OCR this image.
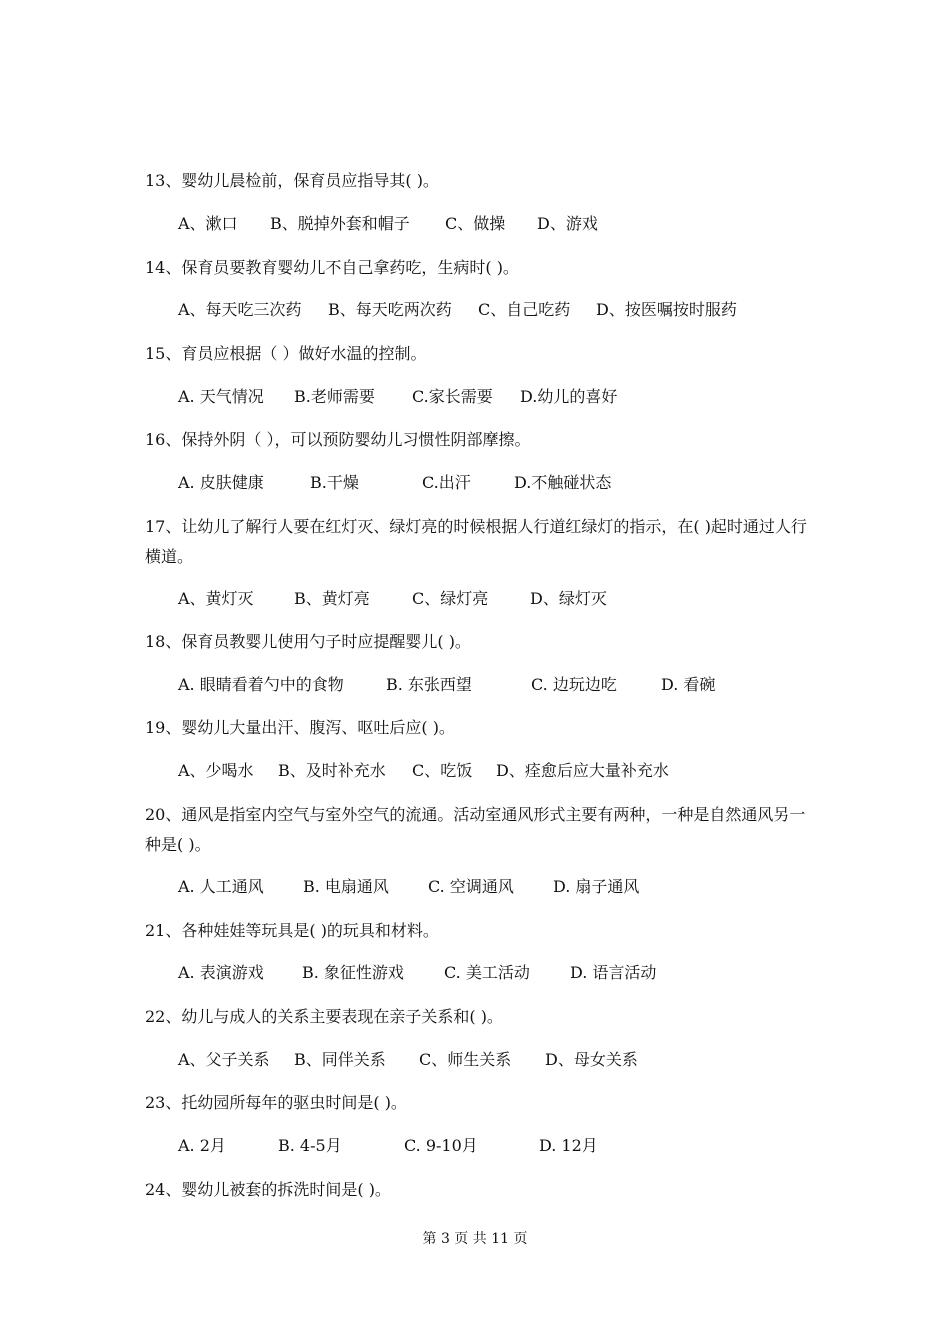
13、婴幼儿晨检前，保育员应指导其( )。
A、漱口 B、脱掉外套和帽子 C、做操 D、游戏
14、保育员要教育婴幼儿不自己拿药吃，生病时( )。
A、每天吃三次药 B、每天吃两次药 C、自己吃药 D、按医嘱按时服药
15、育员应根据（ ）做好水温的控制。
A. 天气情况 B.老师需要 C.家长需要 D.幼儿的喜好
16、保持外阴（ ），可以预防婴幼儿习惯性阴部摩擦。
A. 皮肤健康	B.干燥	C.出汗	D.不触碰状态
17、让幼儿了解行人要在红灯灭、绿灯亮的时候根据人行道红绿灯的指示，在( )起时通过人行横道。
A、黄灯灭	B、黄灯亮	C、绿灯亮	D、绿灯灭
18、保育员教婴儿使用勺子时应提醒婴儿( )。
A. 眼睛看着勺中的食物	B. 东张西望	C. 边玩边吃	D. 看碗
19、婴幼儿大量出汗、腹泻、呕吐后应( )。
A、少喝水 B、及时补充水 C、吃饭 D、痊愈后应大量补充水
20、通风是指室内空气与室外空气的流通。活动室通风形式主要有两种，一种是自然通风另一种是( )。
A. 人工通风 B. 电扇通风 C. 空调通风 D. 扇子通风
21、各种娃娃等玩具是( )的玩具和材料。
A. 表演游戏 B. 象征性游戏	C. 美工活动	D. 语言活动
22、幼儿与成人的关系主要表现在亲子关系和( )。
A、父子关系 B、同伴关系 C、师生关系 D、母女关系
23、托幼园所每年的驱虫时间是( )。
A. 2月	B. 4-5月	C. 9-10月	D. 12月
24、婴幼儿被套的拆洗时间是( )。
第 3 页 共 11 页
